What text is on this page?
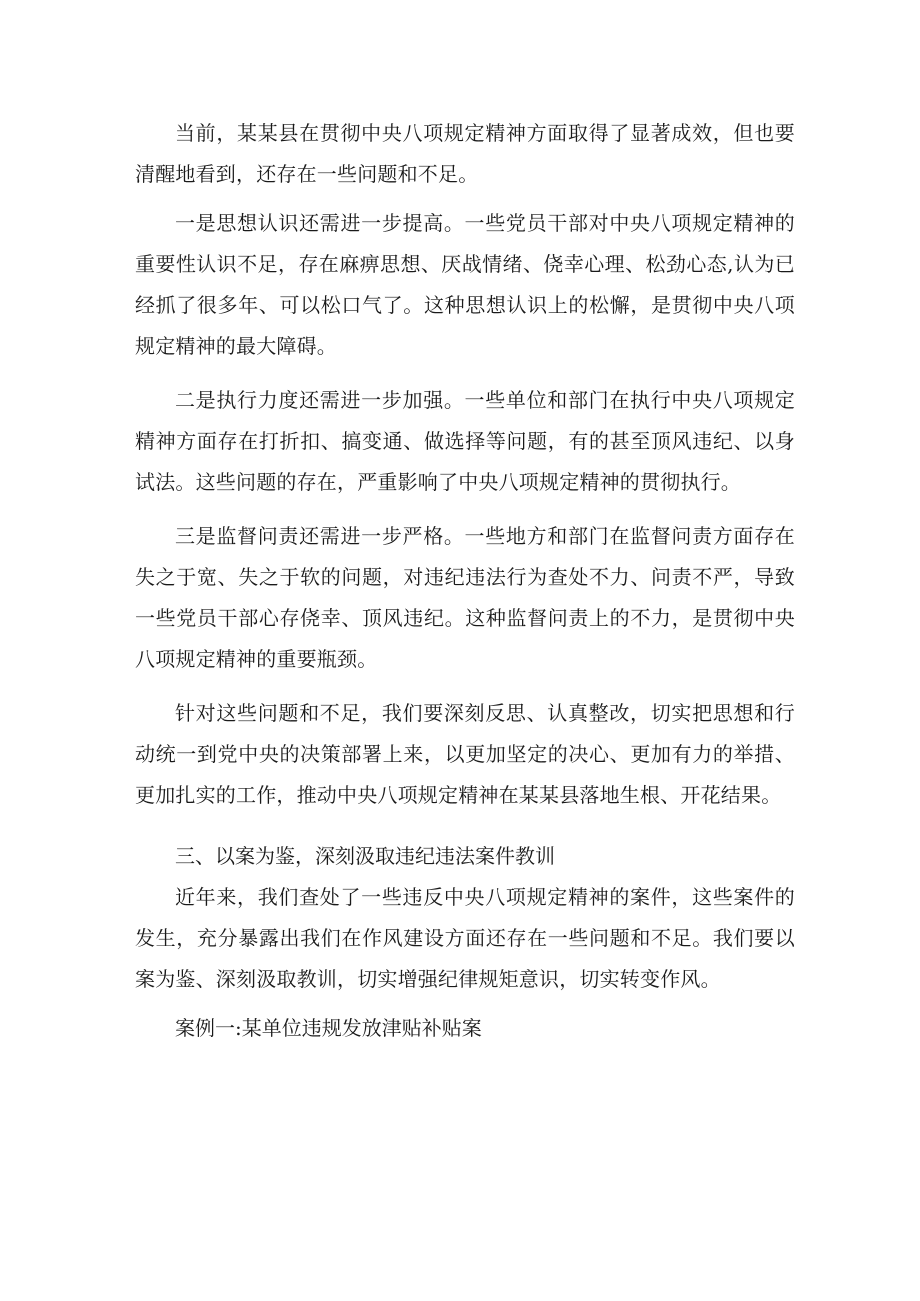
当前，某某县在贯彻中央八项规定精神方面取得了显著成效，但也要清醒地看到，还存在一些问题和不足。

一是思想认识还需进一步提高。一些党员干部对中央八项规定精神的重要性认识不足，存在麻痹思想、厌战情绪、侥幸心理、松劲心态,认为已经抓了很多年、可以松口气了。这种思想认识上的松懈，是贯彻中央八项规定精神的最大障碍。

二是执行力度还需进一步加强。一些单位和部门在执行中央八项规定精神方面存在打折扣、搞变通、做选择等问题，有的甚至顶风违纪、以身试法。这些问题的存在，严重影响了中央八项规定精神的贯彻执行。

三是监督问责还需进一步严格。一些地方和部门在监督问责方面存在失之于宽、失之于软的问题，对违纪违法行为查处不力、问责不严，导致一些党员干部心存侥幸、顶风违纪。这种监督问责上的不力，是贯彻中央八项规定精神的重要瓶颈。

针对这些问题和不足，我们要深刻反思、认真整改，切实把思想和行动统一到党中央的决策部署上来，以更加坚定的决心、更加有力的举措、更加扎实的工作，推动中央八项规定精神在某某县落地生根、开花结果。

三、以案为鉴，深刻汲取违纪违法案件教训

近年来，我们查处了一些违反中央八项规定精神的案件，这些案件的发生，充分暴露出我们在作风建设方面还存在一些问题和不足。我们要以案为鉴、深刻汲取教训，切实增强纪律规矩意识，切实转变作风。

案例一:某单位违规发放津贴补贴案
